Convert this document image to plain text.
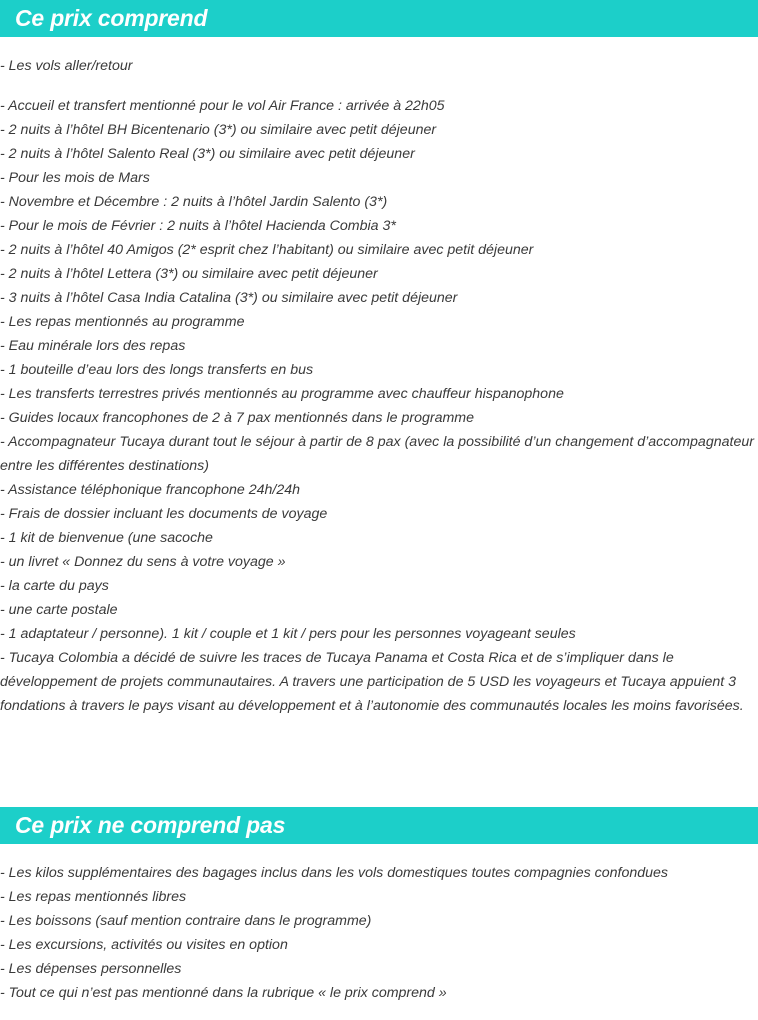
Ce prix comprend
- Les vols aller/retour
- Accueil et transfert mentionné pour le vol Air France : arrivée à 22h05
- 2 nuits à l’hôtel BH Bicentenario (3*) ou similaire avec petit déjeuner
- 2 nuits à l’hôtel Salento Real (3*) ou similaire avec petit déjeuner
- Pour les mois de Mars
- Novembre et Décembre : 2 nuits à l’hôtel Jardin Salento (3*)
- Pour le mois de Février : 2 nuits à l’hôtel Hacienda Combia 3*
- 2 nuits à l’hôtel 40 Amigos (2* esprit chez l’habitant) ou similaire avec petit déjeuner
- 2 nuits à l’hôtel Lettera (3*) ou similaire avec petit déjeuner
- 3 nuits à l’hôtel Casa India Catalina (3*) ou similaire avec petit déjeuner
- Les repas mentionnés au programme
- Eau minérale lors des repas
- 1 bouteille d’eau lors des longs transferts en bus
- Les transferts terrestres privés mentionnés au programme avec chauffeur hispanophone
- Guides locaux francophones de 2 à 7 pax mentionnés dans le programme
- Accompagnateur Tucaya durant tout le séjour à partir de 8 pax (avec la possibilité d’un changement d’accompagnateur entre les différentes destinations)
- Assistance téléphonique francophone 24h/24h
- Frais de dossier incluant les documents de voyage
- 1 kit de bienvenue (une sacoche
- un livret « Donnez du sens à votre voyage »
- la carte du pays
- une carte postale
- 1 adaptateur / personne). 1 kit / couple et 1 kit / pers pour les personnes voyageant seules
- Tucaya Colombia a décidé de suivre les traces de Tucaya Panama et Costa Rica et de s’impliquer dans le développement de projets communautaires. A travers une participation de 5 USD les voyageurs et Tucaya appuient 3 fondations à travers le pays visant au développement et à l’autonomie des communautés locales les moins favorisées.
Ce prix ne comprend pas
- Les kilos supplémentaires des bagages inclus dans les vols domestiques toutes compagnies confondues
- Les repas mentionnés libres
- Les boissons (sauf mention contraire dans le programme)
- Les excursions, activités ou visites en option
- Les dépenses personnelles
- Tout ce qui n’est pas mentionné dans la rubrique « le prix comprend »
